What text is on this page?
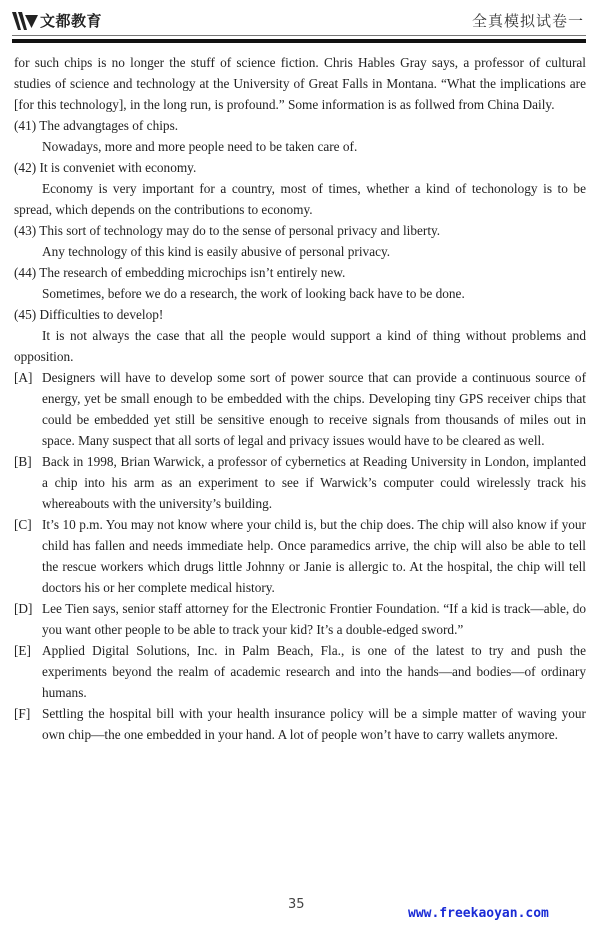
文都教育	全真模拟试卷一

for such chips is no longer the stuff of science fiction. Chris Hables Gray says, a professor of cultural studies of science and technology at the University of Great Falls in Montana. “What the implications are [for this technology], in the long run, is profound.” Some information is as follwed from China Daily.

(41) The advangtages of chips.

Nowadays, more and more people need to be taken care of.

(42) It is conveniet with economy.

Economy is very important for a country, most of times, whether a kind of techonology is to be spread, which depends on the contributions to economy.

(43) This sort of technology may do to the sense of personal privacy and liberty.

Any technology of this kind is easily abusive of personal privacy.

(44) The research of embedding microchips isn’t entirely new.

Sometimes, before we do a research, the work of looking back have to be done.

(45) Difficulties to develop!

It is not always the case that all the people would support a kind of thing without problems and opposition.

[A] Designers will have to develop some sort of power source that can provide a continuous source of energy, yet be small enough to be embedded with the chips. Developing tiny GPS receiver chips that could be embedded yet still be sensitive enough to receive signals from thousands of miles out in space. Many suspect that all sorts of legal and privacy issues would have to be cleared as well.
[B] Back in 1998, Brian Warwick, a professor of cybernetics at Reading University in London, implanted a chip into his arm as an experiment to see if Warwick’s computer could wirelessly track his whereabouts with the university’s building.
[C] It’s 10 p.m. You may not know where your child is, but the chip does. The chip will also know if your child has fallen and needs immediate help. Once paramedics arrive, the chip will also be able to tell the rescue workers which drugs little Johnny or Janie is allergic to. At the hospital, the chip will tell doctors his or her complete medical history.
[D] Lee Tien says, senior staff attorney for the Electronic Frontier Foundation. “If a kid is track—able, do you want other people to be able to track your kid? It’s a double-edged sword.”
[E] Applied Digital Solutions, Inc. in Palm Beach, Fla., is one of the latest to try and push the experiments beyond the realm of academic research and into the hands—and bodies—of ordinary humans.
[F] Settling the hospital bill with your health insurance policy will be a simple matter of waving your own chip—the one embedded in your hand. A lot of people won’t have to carry wallets anymore.
35
www.freekaoyan.com
